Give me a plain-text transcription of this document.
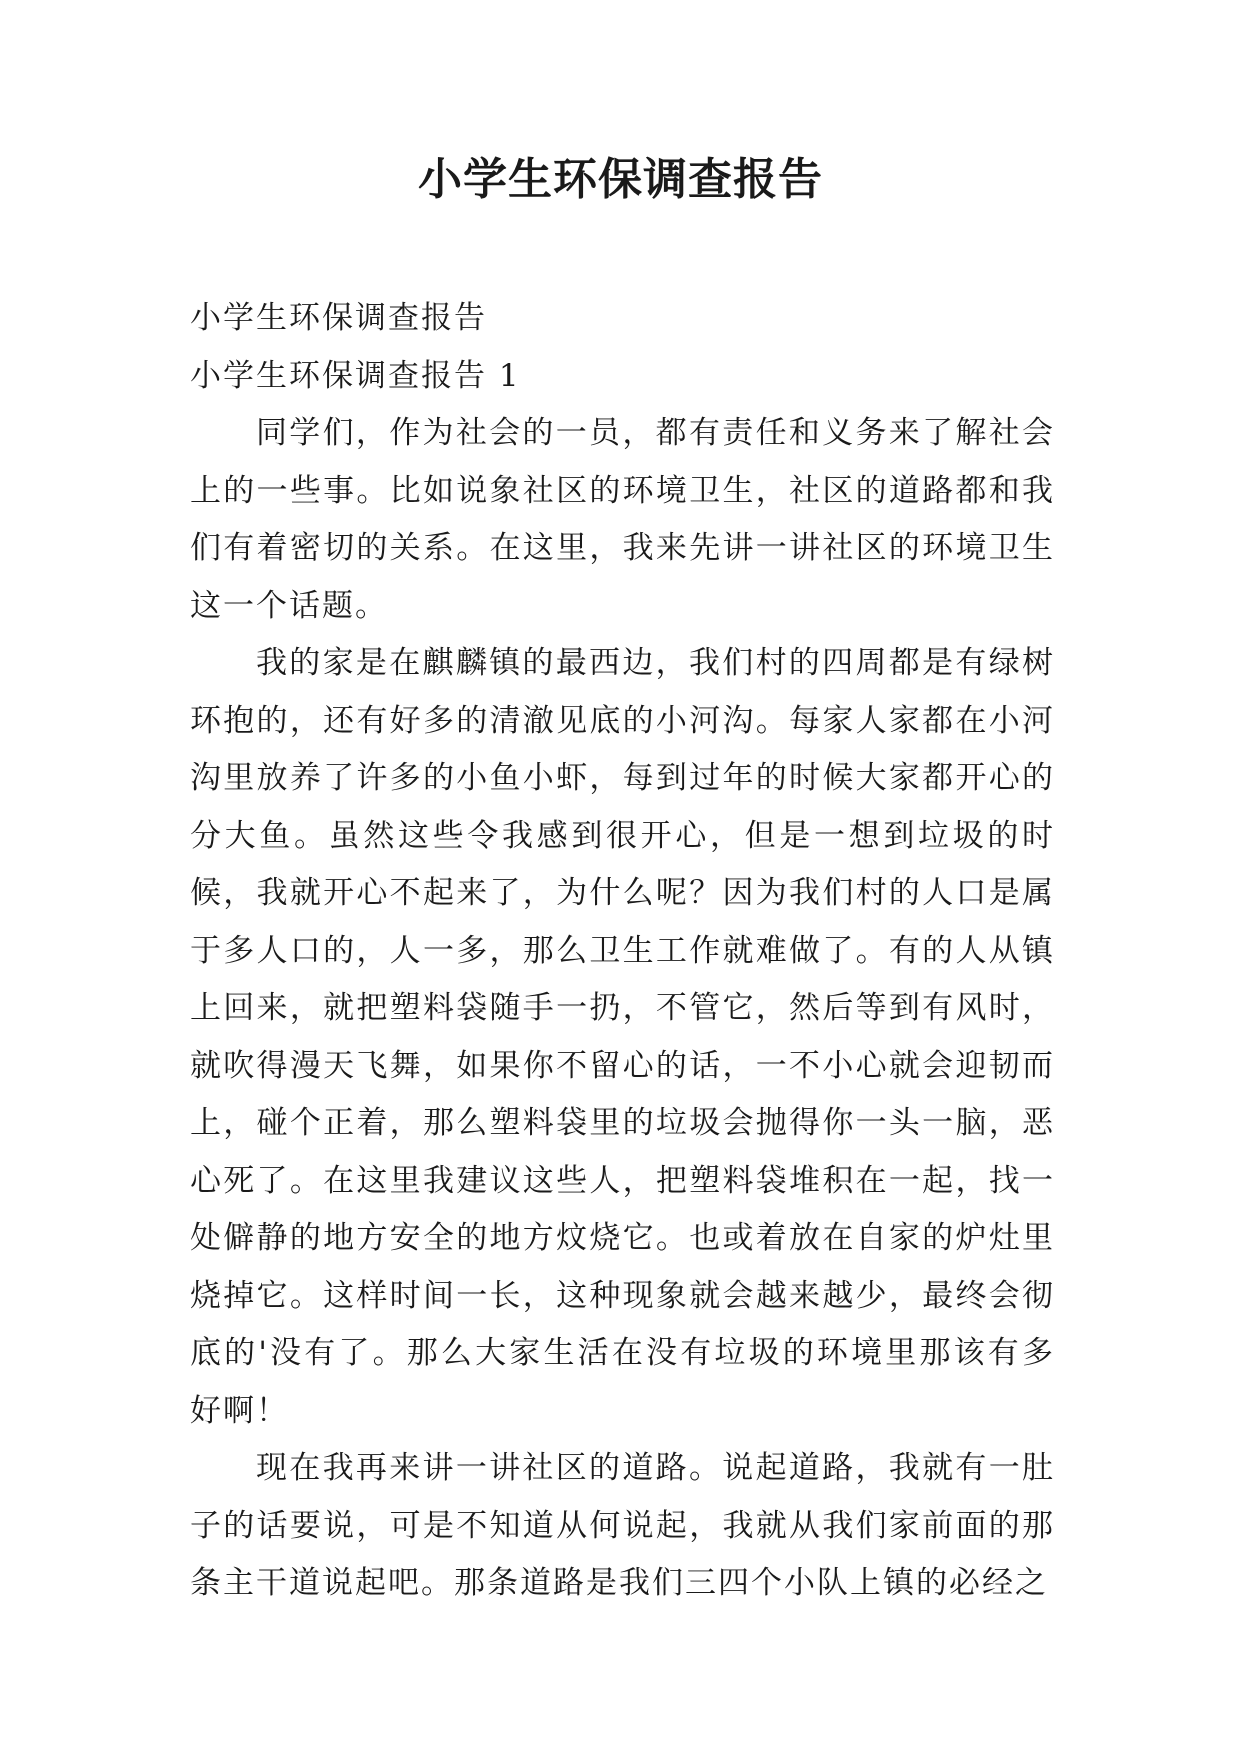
小学生环保调查报告

小学生环保调查报告

小学生环保调查报告 1

同学们，作为社会的一员，都有责任和义务来了解社会上的一些事。比如说象社区的环境卫生，社区的道路都和我们有着密切的关系。在这里，我来先讲一讲社区的环境卫生这一个话题。

我的家是在麒麟镇的最西边，我们村的四周都是有绿树环抱的，还有好多的清澈见底的小河沟。每家人家都在小河沟里放养了许多的小鱼小虾，每到过年的时候大家都开心的分大鱼。虽然这些令我感到很开心，但是一想到垃圾的时候，我就开心不起来了，为什么呢？因为我们村的人口是属于多人口的，人一多，那么卫生工作就难做了。有的人从镇上回来，就把塑料袋随手一扔，不管它，然后等到有风时，就吹得漫天飞舞，如果你不留心的话，一不小心就会迎韧而上，碰个正着，那么塑料袋里的垃圾会抛得你一头一脑，恶心死了。在这里我建议这些人，把塑料袋堆积在一起，找一处僻静的地方安全的地方炆烧它。也或着放在自家的炉灶里烧掉它。这样时间一长，这种现象就会越来越少，最终会彻底的'没有了。那么大家生活在没有垃圾的环境里那该有多好啊！

现在我再来讲一讲社区的道路。说起道路，我就有一肚子的话要说，可是不知道从何说起，我就从我们家前面的那条主干道说起吧。那条道路是我们三四个小队上镇的必经之
